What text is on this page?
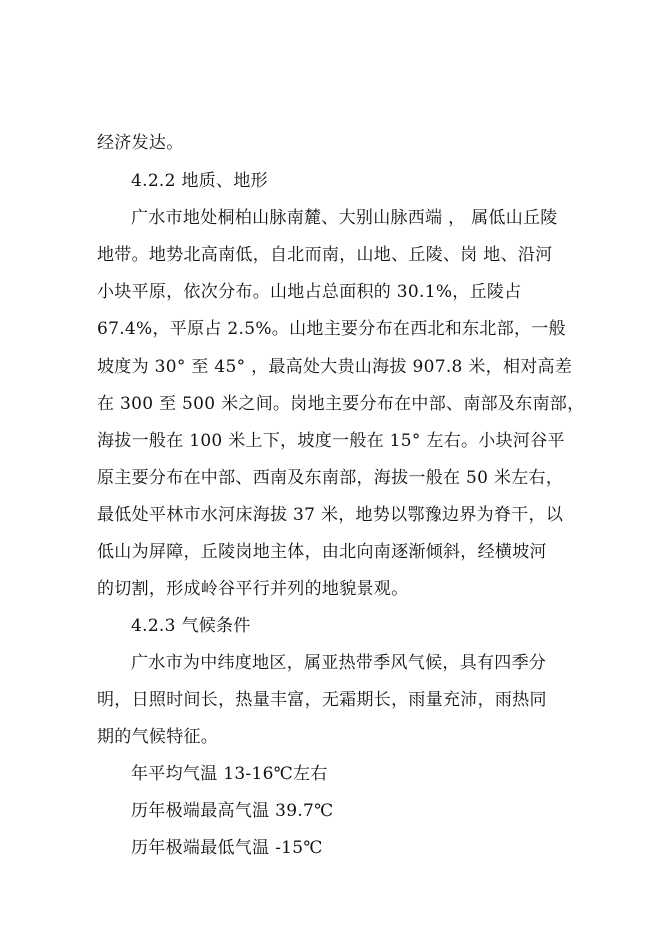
经济发达。
4.2.2 地质、地形
广水市地处桐柏山脉南麓、大别山脉西端 ， 属低山丘陵
地带。地势北高南低，自北而南，山地、丘陵、岗 地、沿河
小块平原，依次分布。山地占总面积的 30.1%，丘陵占
67.4%，平原占 2.5%。山地主要分布在西北和东北部，一般
坡度为 30° 至 45° ，最高处大贵山海拔 907.8 米，相对高差
在 300 至 500 米之间。岗地主要分布在中部、南部及东南部，
海拔一般在 100 米上下，坡度一般在 15° 左右。小块河谷平
原主要分布在中部、西南及东南部，海拔一般在 50 米左右，
最低处平林市水河床海拔 37 米，地势以鄂豫边界为脊干，以
低山为屏障，丘陵岗地主体，由北向南逐渐倾斜，经横坡河
的切割，形成岭谷平行并列的地貌景观。
4.2.3 气候条件
广水市为中纬度地区，属亚热带季风气候，具有四季分
明，日照时间长，热量丰富，无霜期长，雨量充沛，雨热同
期的气候特征。
年平均气温 13-16℃左右
历年极端最高气温 39.7℃
历年极端最低气温 -15℃
